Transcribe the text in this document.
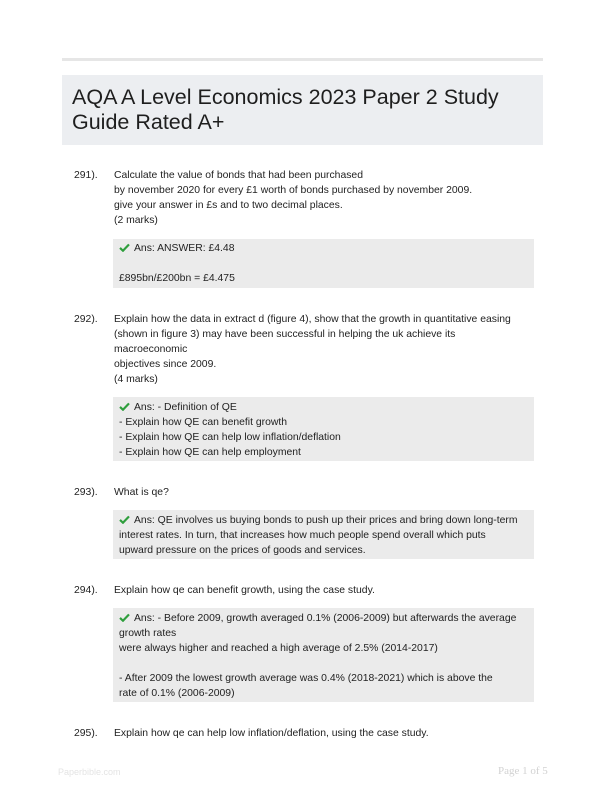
AQA A Level Economics 2023 Paper 2 Study
Guide Rated A+
291).	Calculate the value of bonds that had been purchased
by november 2020 for every £1 worth of bonds purchased by november 2009.
give your answer in £s and to two decimal places.
(2 marks)
Ans: ANSWER: £4.48

£895bn/£200bn = £4.475
292).	Explain how the data in extract d (figure 4), show that the growth in quantitative easing
(shown in figure 3) may have been successful in helping the uk achieve its
macroeconomic
objectives since 2009.
(4 marks)
Ans: - Definition of QE
- Explain how QE can benefit growth
- Explain how QE can help low inflation/deflation
- Explain how QE can help employment
293).	What is qe?
Ans: QE involves us buying bonds to push up their prices and bring down long-term
interest rates. In turn, that increases how much people spend overall which puts
upward pressure on the prices of goods and services.
294).	Explain how qe can benefit growth, using the case study.
Ans: - Before 2009, growth averaged 0.1% (2006-2009) but afterwards the average
growth rates
were always higher and reached a high average of 2.5% (2014-2017)

- After 2009 the lowest growth average was 0.4% (2018-2021) which is above the
rate of 0.1% (2006-2009)
295).	Explain how qe can help low inflation/deflation, using the case study.
Paperbible.com	Page 1 of 5
